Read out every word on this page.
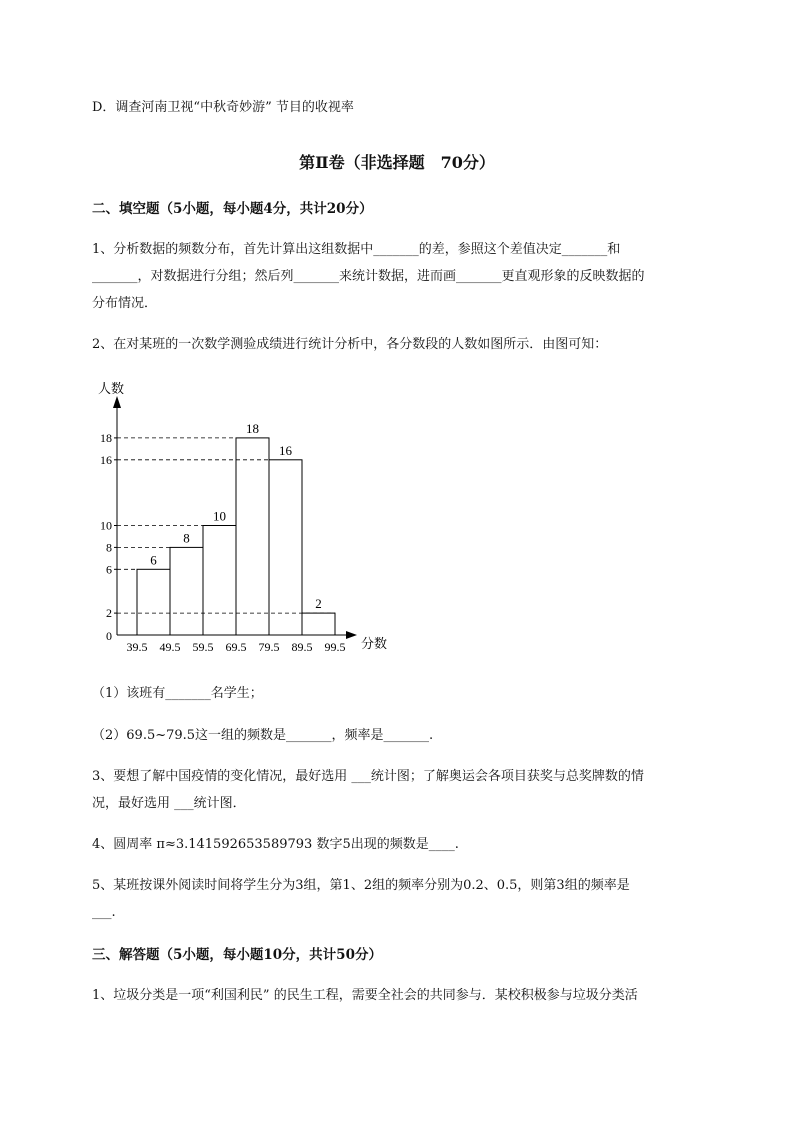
D．调查河南卫视“中秋奇妙游” 节目的收视率
第Ⅱ卷（非选择题　70分）
二、填空题（5小题，每小题4分，共计20分）
1、分析数据的频数分布，首先计算出这组数据中_______的差，参照这个差值决定_______和
_______，对数据进行分组；然后列_______来统计数据，进而画_______更直观形象的反映数据的
分布情况．
2、在对某班的一次数学测验成绩进行统计分析中，各分数段的人数如图所示．由图可知：
人数
分数
0
2
6
8
10
16
18
6
8
10
18
16
2
39.5 49.5 59.5 69.5 79.5 89.5 99.5
（1）该班有_______名学生；
（2）69.5~79.5这一组的频数是_______，频率是_______.
3、要想了解中国疫情的变化情况，最好选用 ___统计图；了解奥运会各项目获奖与总奖牌数的情
况，最好选用 ___统计图．
4、圆周率 π≈3.141592653589793 数字5出现的频数是____.
5、某班按课外阅读时间将学生分为3组，第1、2组的频率分别为0.2、0.5，则第3组的频率是
___.
三、解答题（5小题，每小题10分，共计50分）
1、垃圾分类是一项“利国利民” 的民生工程，需要全社会的共同参与．某校积极参与垃圾分类活
